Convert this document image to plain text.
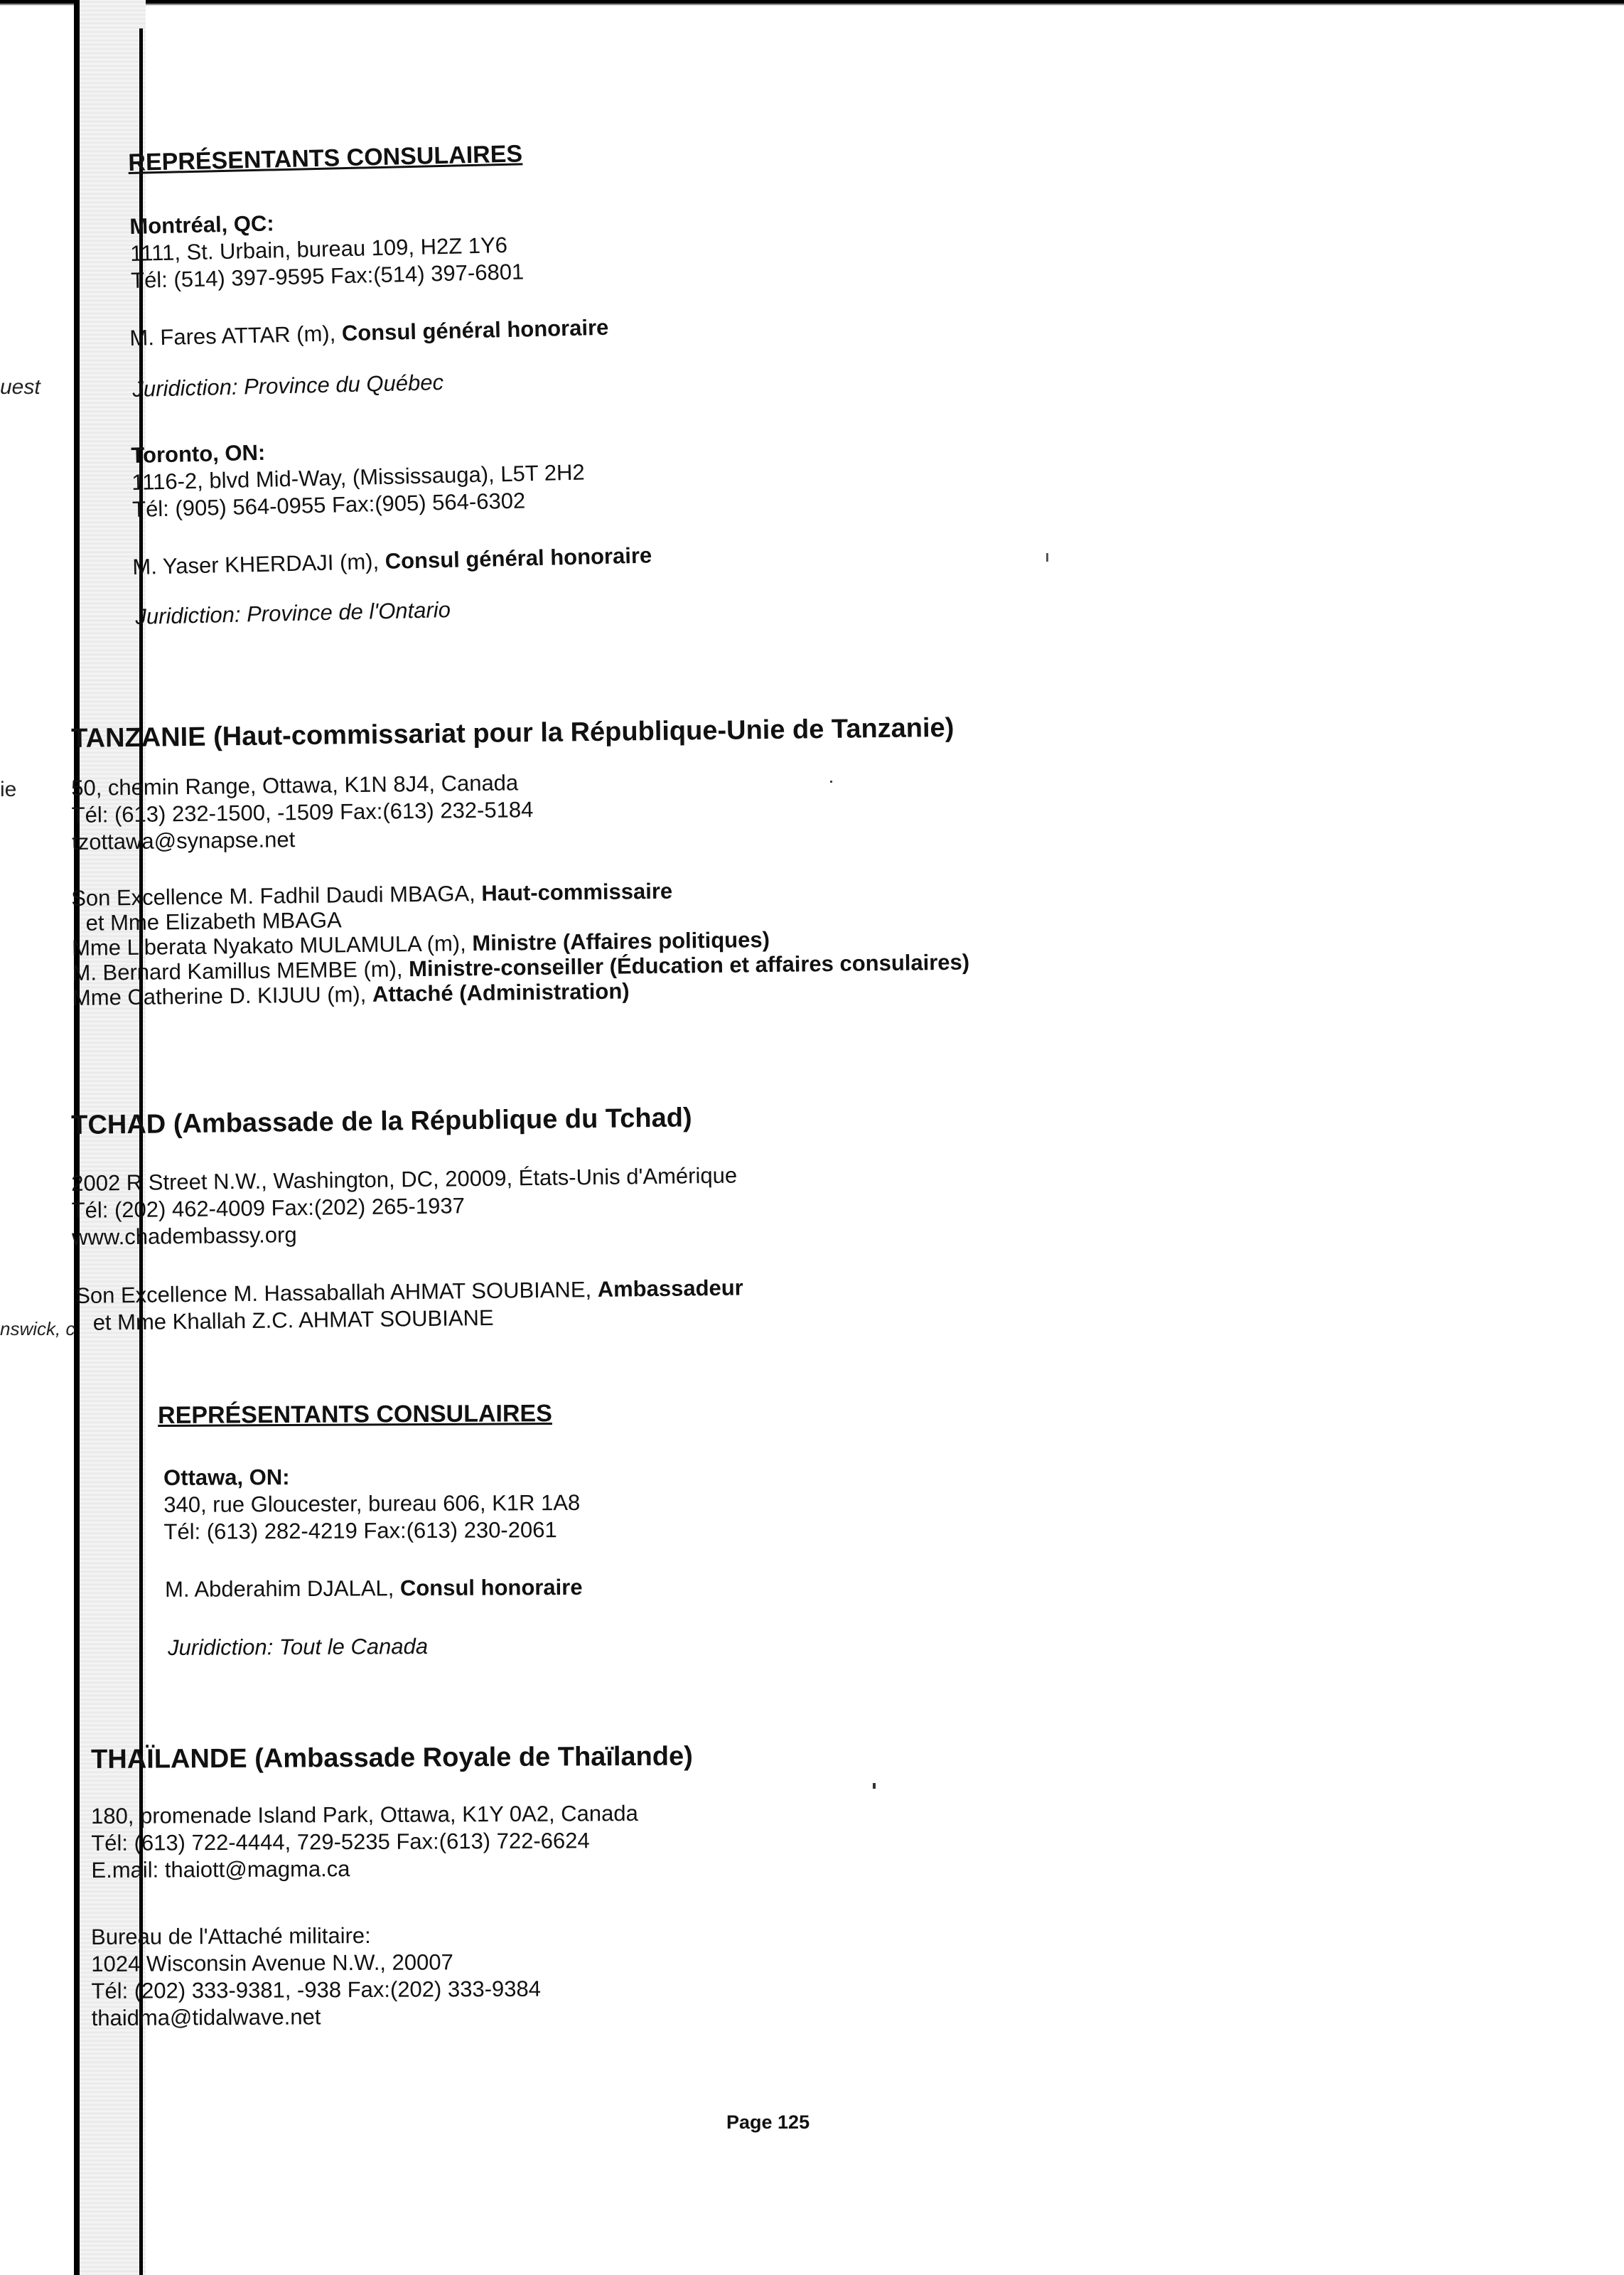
uest
ie
nswick, c
REPRÉSENTANTS CONSULAIRES
Montréal, QC:
1111, St. Urbain, bureau 109, H2Z 1Y6
Tél: (514) 397-9595 Fax:(514) 397-6801
M. Fares ATTAR (m), Consul général honoraire
Juridiction: Province du Québec
Toronto, ON:
1116-2, blvd Mid-Way, (Mississauga), L5T 2H2
Tél: (905) 564-0955 Fax:(905) 564-6302
M. Yaser KHERDAJI (m), Consul général honoraire
Juridiction: Province de l'Ontario
TANZANIE (Haut-commissariat pour la République-Unie de Tanzanie)
50, chemin Range, Ottawa, K1N 8J4, Canada
Tél: (613) 232-1500, -1509 Fax:(613) 232-5184
tzottawa@synapse.net
Son Excellence M. Fadhil Daudi MBAGA, Haut-commissaire
et Mme Elizabeth MBAGA
Mme Liberata Nyakato MULAMULA (m), Ministre (Affaires politiques)
M. Bernard Kamillus MEMBE (m), Ministre-conseiller (Éducation et affaires consulaires)
Mme Catherine D. KIJUU (m), Attaché (Administration)
TCHAD (Ambassade de la République du Tchad)
2002 R Street N.W., Washington, DC, 20009, États-Unis d'Amérique
Tél: (202) 462-4009 Fax:(202) 265-1937
www.chadembassy.org
Son Excellence M. Hassaballah AHMAT SOUBIANE, Ambassadeur
et Mme Khallah Z.C. AHMAT SOUBIANE
REPRÉSENTANTS CONSULAIRES
Ottawa, ON:
340, rue Gloucester, bureau 606, K1R 1A8
Tél: (613) 282-4219 Fax:(613) 230-2061
M. Abderahim DJALAL, Consul honoraire
Juridiction: Tout le Canada
THAÏLANDE (Ambassade Royale de Thaïlande)
180, promenade Island Park, Ottawa, K1Y 0A2, Canada
Tél: (613) 722-4444, 729-5235 Fax:(613) 722-6624
E.mail: thaiott@magma.ca
Bureau de l'Attaché militaire:
1024 Wisconsin Avenue N.W., 20007
Tél: (202) 333-9381, -938 Fax:(202) 333-9384
thaidma@tidalwave.net
Page 125
